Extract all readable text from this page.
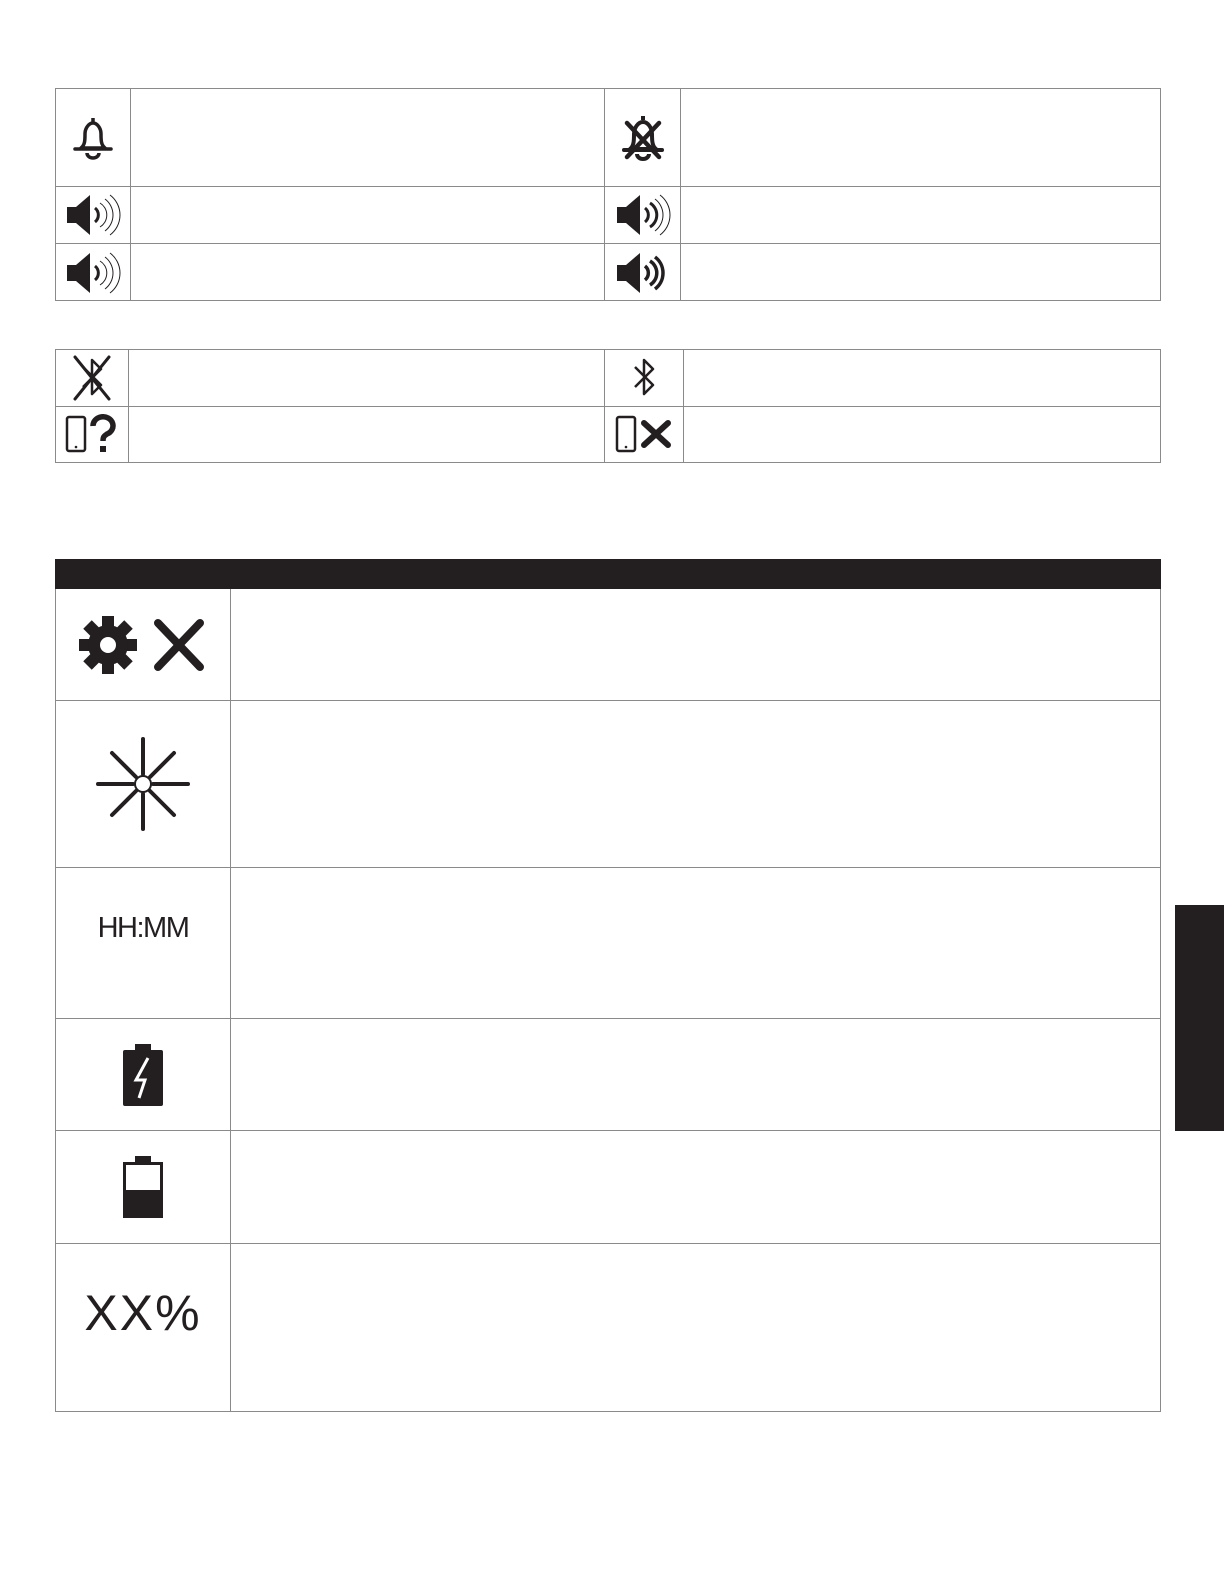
HH:MM
XX%
